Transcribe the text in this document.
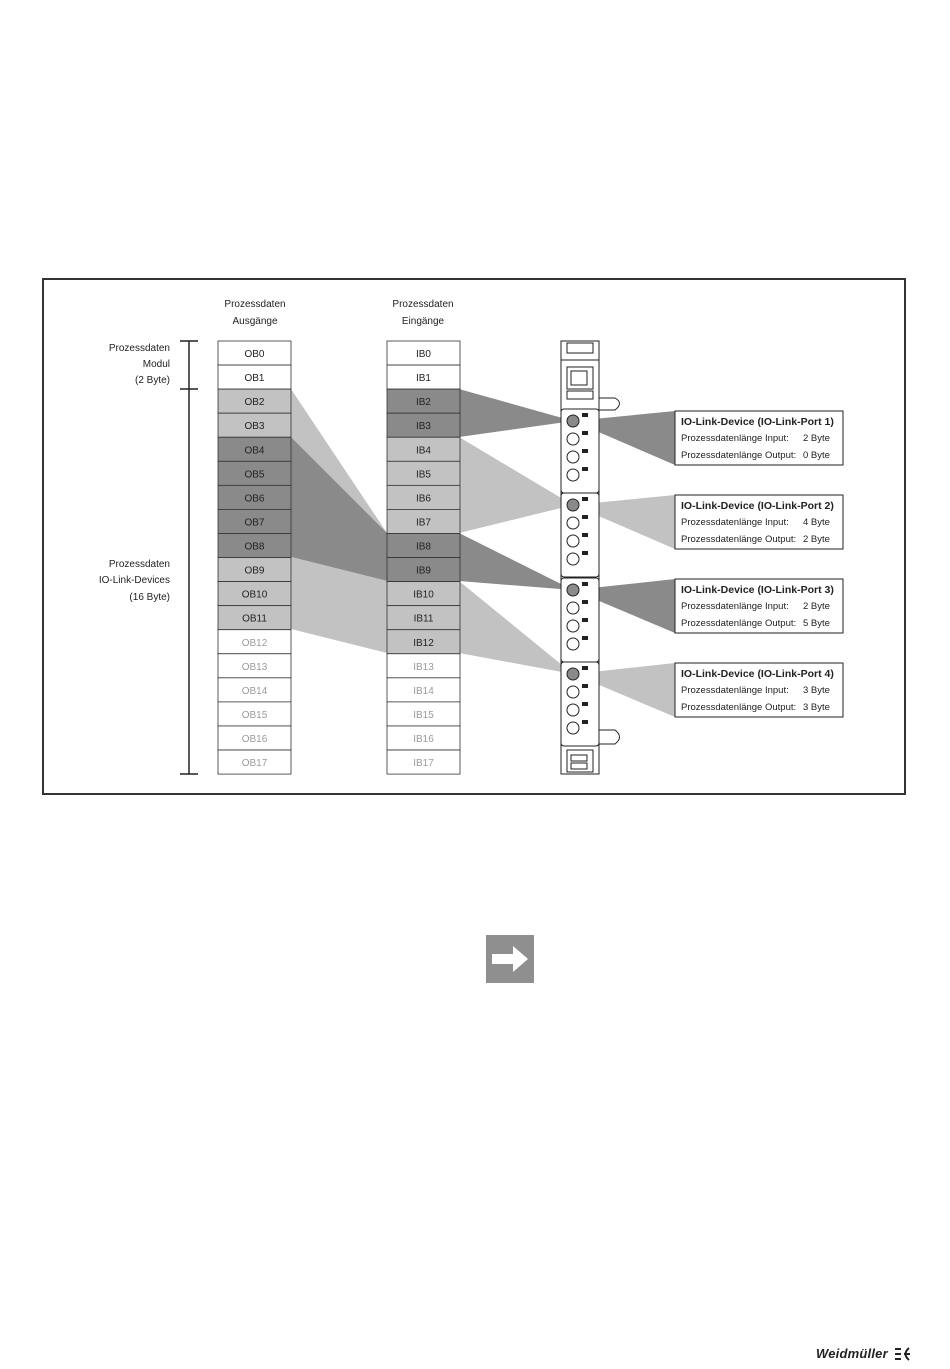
Prozessdaten
Ausgänge
Prozessdaten
Eingänge
Prozessdaten
Modul
(2 Byte)
Prozessdaten
IO-Link-Devices
(16 Byte)
OB0
OB1
OB2
OB3
OB4
OB5
OB6
OB7
OB8
OB9
OB10
OB11
OB12
OB13
OB14
OB15
OB16
OB17
IB0
IB1
IB2
IB3
IB4
IB5
IB6
IB7
IB8
IB9
IB10
IB11
IB12
IB13
IB14
IB15
IB16
IB17
IO-Link-Device (IO-Link-Port 1)
Prozessdatenlänge Input: 2 Byte
Prozessdatenlänge Output: 0 Byte
IO-Link-Device (IO-Link-Port 2)
Prozessdatenlänge Input: 4 Byte
Prozessdatenlänge Output: 2 Byte
IO-Link-Device (IO-Link-Port 3)
Prozessdatenlänge Input: 2 Byte
Prozessdatenlänge Output: 5 Byte
IO-Link-Device (IO-Link-Port 4)
Prozessdatenlänge Input: 3 Byte
Prozessdatenlänge Output: 3 Byte
Weidmüller
